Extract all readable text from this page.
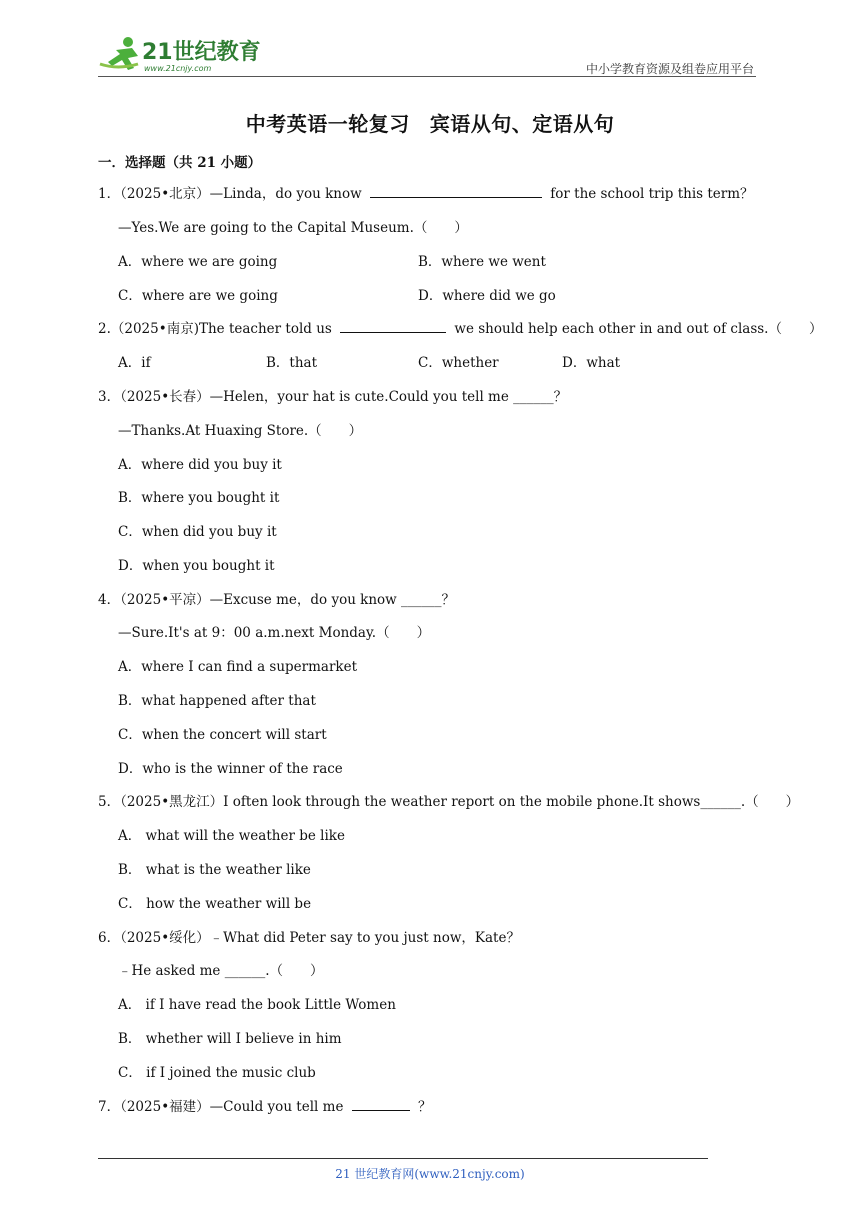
21世纪教育
www.21cnjy.com	中小学教育资源及组卷应用平台
中考英语一轮复习 宾语从句、定语从句
一．选择题（共 21 小题）
1．（2025•北京）—Linda，do you know	for the school trip this term？
—Yes.We are going to the Capital Museum.（　　）
A．where we are going	B．where we went
C．where are we going	D．where did we go
2.（2025•南京)The teacher told us	we should help each other in and out of class.（　　）
A．if	B．that	C．whether	D．what
3．（2025•长春）—Helen，your hat is cute.Could you tell me ______？
—Thanks.At Huaxing Store.（　　）
A．where did you buy it
B．where you bought it
C．when did you buy it
D．when you bought it
4．（2025•平凉）—Excuse me，do you know ______？
—Sure.It's at 9：00 a.m.next Monday.（　　）
A．where I can find a supermarket
B．what happened after that
C．when the concert will start
D．who is the winner of the race
5．（2025•黑龙江）I often look through the weather report on the mobile phone.It shows______.（　　）
A． what will the weather be like
B． what is the weather like
C． how the weather will be
6．（2025•绥化）﹣What did Peter say to you just now，Kate？
﹣He asked me ______.（　　）
A． if I have read the book Little Women
B． whether will I believe in him
C． if I joined the music club
7．（2025•福建）—Could you tell me	？
21 世纪教育网(www.21cnjy.com)
